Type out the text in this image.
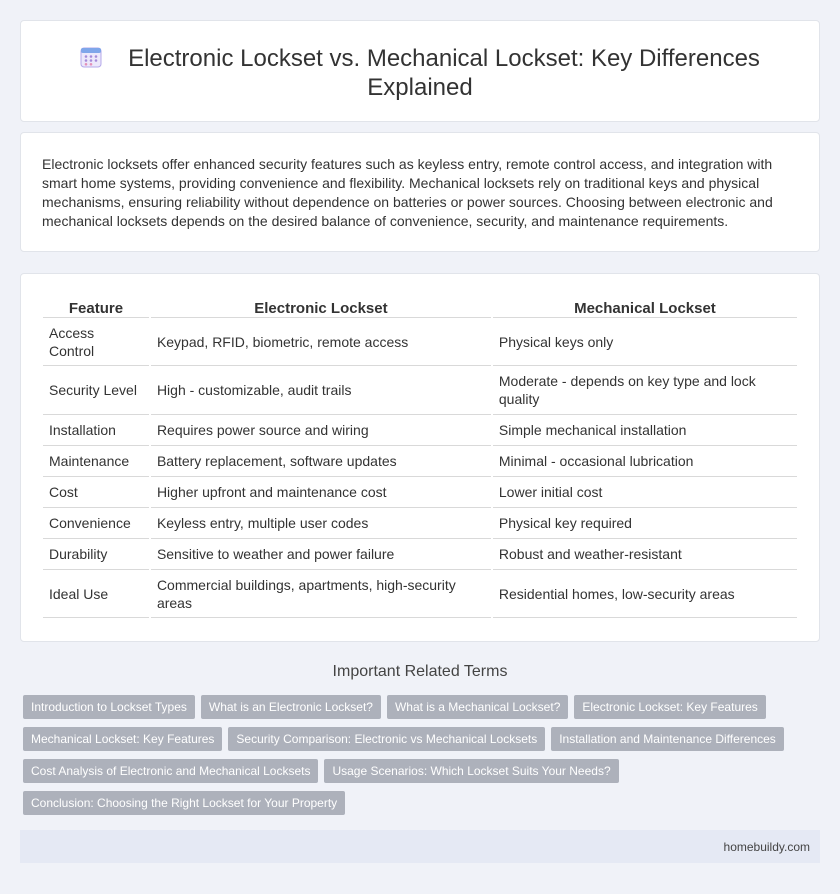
Electronic Lockset vs. Mechanical Lockset: Key Differences Explained

Electronic locksets offer enhanced security features such as keyless entry, remote control access, and integration with smart home systems, providing convenience and flexibility. Mechanical locksets rely on traditional keys and physical mechanisms, ensuring reliability without dependence on batteries or power sources. Choosing between electronic and mechanical locksets depends on the desired balance of convenience, security, and maintenance requirements.

Feature	Electronic Lockset	Mechanical Lockset
Access Control	Keypad, RFID, biometric, remote access	Physical keys only
Security Level	High - customizable, audit trails	Moderate - depends on key type and lock quality
Installation	Requires power source and wiring	Simple mechanical installation
Maintenance	Battery replacement, software updates	Minimal - occasional lubrication
Cost	Higher upfront and maintenance cost	Lower initial cost
Convenience	Keyless entry, multiple user codes	Physical key required
Durability	Sensitive to weather and power failure	Robust and weather-resistant
Ideal Use	Commercial buildings, apartments, high-security areas	Residential homes, low-security areas
Important Related Terms
Introduction to Lockset Types What is an Electronic Lockset? What is a Mechanical Lockset? Electronic Lockset: Key Features
Mechanical Lockset: Key Features Security Comparison: Electronic vs Mechanical Locksets Installation and Maintenance Differences
Cost Analysis of Electronic and Mechanical Locksets Usage Scenarios: Which Lockset Suits Your Needs?
Conclusion: Choosing the Right Lockset for Your Property
homebuildy.com
